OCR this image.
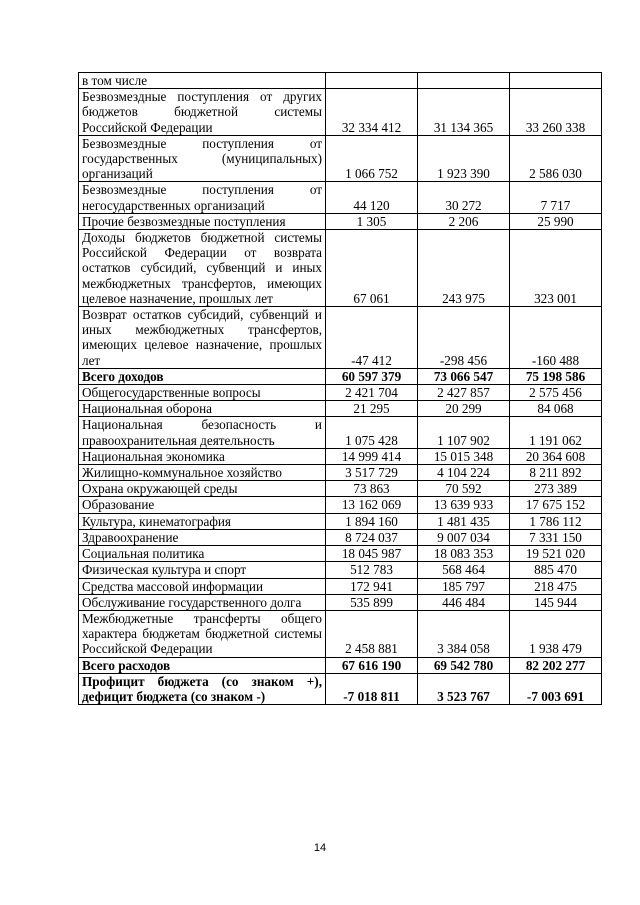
в том числе			
Безвозмездные поступления от других бюджетов бюджетной системы Российской Федерации	32 334 412	31 134 365	33 260 338
Безвозмездные поступления от государственных (муниципальных) организаций	1 066 752	1 923 390	2 586 030
Безвозмездные поступления от негосударственных организаций	44 120	30 272	7 717
Прочие безвозмездные поступления	1 305	2 206	25 990
Доходы бюджетов бюджетной системы Российской Федерации от возврата остатков субсидий, субвенций и иных межбюджетных трансфертов, имеющих целевое назначение, прошлых лет	67 061	243 975	323 001
Возврат остатков субсидий, субвенций и иных межбюджетных трансфертов, имеющих целевое назначение, прошлых лет	-47 412	-298 456	-160 488
Всего доходов	60 597 379	73 066 547	75 198 586
Общегосударственные вопросы	2 421 704	2 427 857	2 575 456
Национальная оборона	21 295	20 299	84 068
Национальная безопасность и правоохранительная деятельность	1 075 428	1 107 902	1 191 062
Национальная экономика	14 999 414	15 015 348	20 364 608
Жилищно-коммунальное хозяйство	3 517 729	4 104 224	8 211 892
Охрана окружающей среды	73 863	70 592	273 389
Образование	13 162 069	13 639 933	17 675 152
Культура, кинематография	1 894 160	1 481 435	1 786 112
Здравоохранение	8 724 037	9 007 034	7 331 150
Социальная политика	18 045 987	18 083 353	19 521 020
Физическая культура и спорт	512 783	568 464	885 470
Средства массовой информации	172 941	185 797	218 475
Обслуживание государственного долга	535 899	446 484	145 944
Межбюджетные трансферты общего характера бюджетам бюджетной системы Российской Федерации	2 458 881	3 384 058	1 938 479
Всего расходов	67 616 190	69 542 780	82 202 277
Профицит бюджета (со знаком +), дефицит бюджета (со знаком -)	-7 018 811	3 523 767	-7 003 691
14
